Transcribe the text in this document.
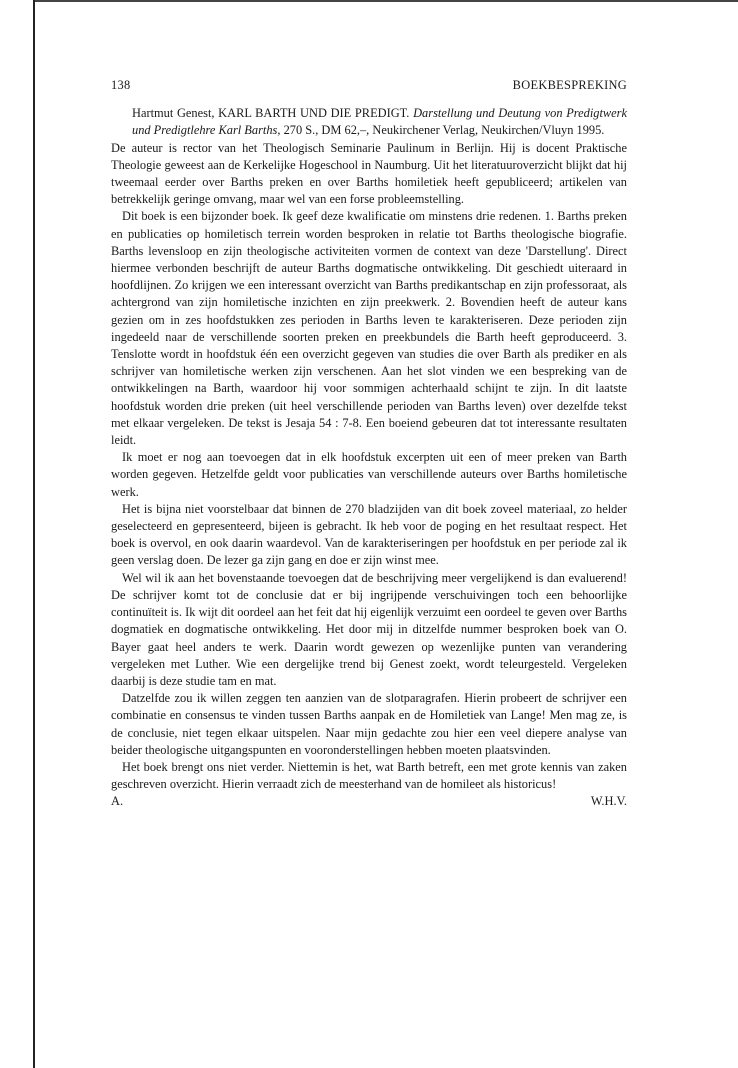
138	BOEKBESPREKING
Hartmut Genest, KARL BARTH UND DIE PREDIGT. Darstellung und Deutung von Predigtwerk und Predigtlehre Karl Barths, 270 S., DM 62,–, Neukirchener Verlag, Neukirchen/Vluyn 1995.

De auteur is rector van het Theologisch Seminarie Paulinum in Berlijn. Hij is docent Praktische Theologie geweest aan de Kerkelijke Hogeschool in Naumburg. Uit het literatuuroverzicht blijkt dat hij tweemaal eerder over Barths preken en over Barths homiletiek heeft gepubliceerd; artikelen van betrekkelijk geringe omvang, maar wel van een forse probleemstelling.

Dit boek is een bijzonder boek. Ik geef deze kwalificatie om minstens drie redenen. 1. Barths preken en publicaties op homiletisch terrein worden besproken in relatie tot Barths theologische biografie. Barths levensloop en zijn theologische activiteiten vormen de context van deze 'Darstellung'. Direct hiermee verbonden beschrijft de auteur Barths dogmatische ontwikkeling. Dit geschiedt uiteraard in hoofdlijnen. Zo krijgen we een interessant overzicht van Barths predikantschap en zijn professoraat, als achtergrond van zijn homiletische inzichten en zijn preekwerk. 2. Bovendien heeft de auteur kans gezien om in zes hoofdstukken zes perioden in Barths leven te karakteriseren. Deze perioden zijn ingedeeld naar de verschillende soorten preken en preekbundels die Barth heeft geproduceerd. 3. Tenslotte wordt in hoofdstuk één een overzicht gegeven van studies die over Barth als prediker en als schrijver van homiletische werken zijn verschenen. Aan het slot vinden we een bespreking van de ontwikkelingen na Barth, waardoor hij voor sommigen achterhaald schijnt te zijn. In dit laatste hoofdstuk worden drie preken (uit heel verschillende perioden van Barths leven) over dezelfde tekst met elkaar vergeleken. De tekst is Jesaja 54 : 7-8. Een boeiend gebeuren dat tot interessante resultaten leidt.

Ik moet er nog aan toevoegen dat in elk hoofdstuk excerpten uit een of meer preken van Barth worden gegeven. Hetzelfde geldt voor publicaties van verschillende auteurs over Barths homiletische werk.

Het is bijna niet voorstelbaar dat binnen de 270 bladzijden van dit boek zoveel materiaal, zo helder geselecteerd en gepresenteerd, bijeen is gebracht. Ik heb voor de poging en het resultaat respect. Het boek is overvol, en ook daarin waardevol. Van de karakteriseringen per hoofdstuk en per periode zal ik geen verslag doen. De lezer ga zijn gang en doe er zijn winst mee.

Wel wil ik aan het bovenstaande toevoegen dat de beschrijving meer vergelijkend is dan evaluerend! De schrijver komt tot de conclusie dat er bij ingrijpende verschuivingen toch een behoorlijke continuïteit is. Ik wijt dit oordeel aan het feit dat hij eigenlijk verzuimt een oordeel te geven over Barths dogmatiek en dogmatische ontwikkeling. Het door mij in ditzelfde nummer besproken boek van O. Bayer gaat heel anders te werk. Daarin wordt gewezen op wezenlijke punten van verandering vergeleken met Luther. Wie een dergelijke trend bij Genest zoekt, wordt teleurgesteld. Vergeleken daarbij is deze studie tam en mat.

Datzelfde zou ik willen zeggen ten aanzien van de slotparagrafen. Hierin probeert de schrijver een combinatie en consensus te vinden tussen Barths aanpak en de Homiletiek van Lange! Men mag ze, is de conclusie, niet tegen elkaar uitspelen. Naar mijn gedachte zou hier een veel diepere analyse van beider theologische uitgangspunten en vooronderstellingen hebben moeten plaatsvinden.

Het boek brengt ons niet verder. Niettemin is het, wat Barth betreft, een met grote kennis van zaken geschreven overzicht. Hierin verraadt zich de meesterhand van de homileet als historicus!

A.	W.H.V.
